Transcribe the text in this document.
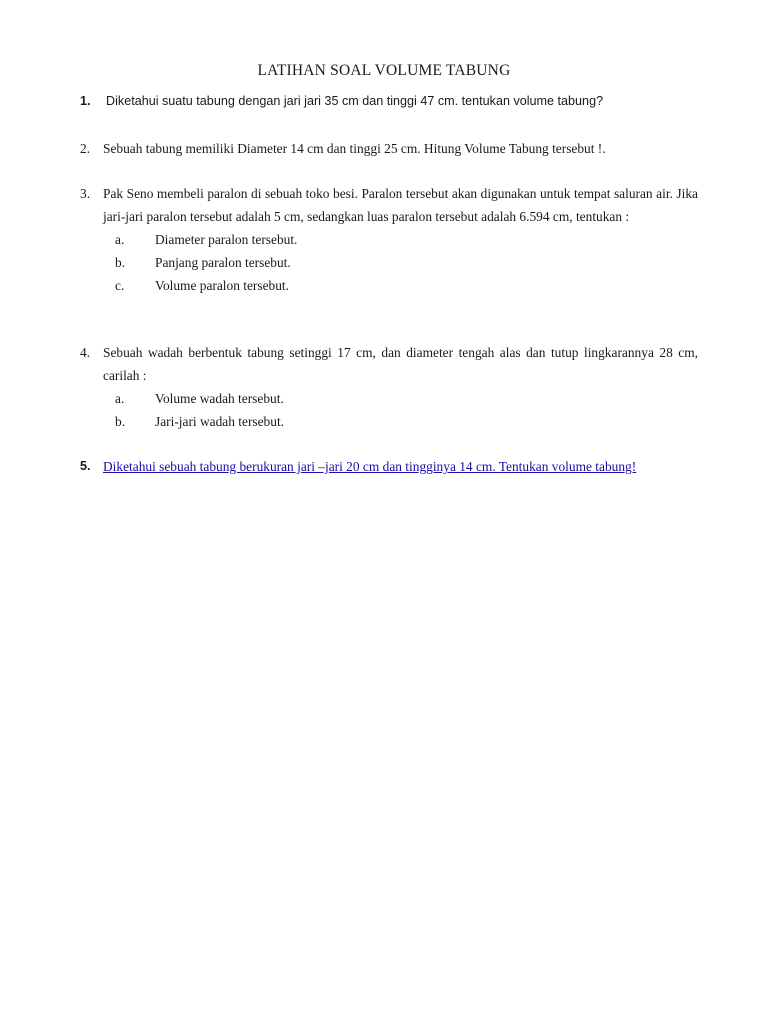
LATIHAN SOAL VOLUME TABUNG
1.	Diketahui suatu tabung dengan jari jari 35 cm dan tinggi 47 cm. tentukan volume tabung?
2. Sebuah tabung memiliki Diameter 14 cm dan tinggi 25 cm. Hitung Volume Tabung tersebut !.
3. Pak Seno membeli paralon di sebuah toko besi. Paralon tersebut akan digunakan untuk tempat saluran air. Jika jari-jari paralon tersebut adalah 5 cm, sedangkan luas paralon tersebut adalah 6.594 cm, tentukan :
a. Diameter paralon tersebut.
b. Panjang paralon tersebut.
c. Volume paralon tersebut.
4. Sebuah wadah berbentuk tabung setinggi 17 cm, dan diameter tengah alas dan tutup lingkarannya 28 cm, carilah :
a. Volume wadah tersebut.
b. Jari-jari wadah tersebut.
5. Diketahui sebuah tabung berukuran jari –jari 20 cm dan tingginya 14 cm. Tentukan volume tabung!
